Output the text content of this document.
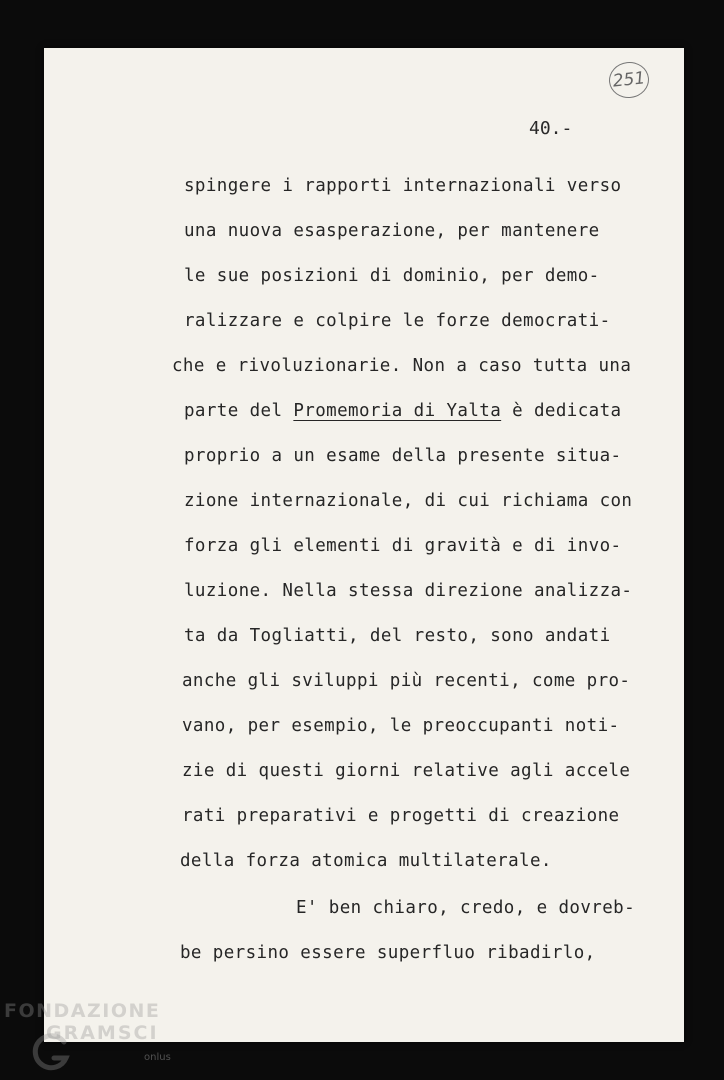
251
40.-
spingere i rapporti internazionali verso
una nuova esasperazione, per mantenere
le sue posizioni di dominio, per demo-
ralizzare e colpire le forze democrati-
che e rivoluzionarie. Non a caso tutta una
parte del Promemoria di Yalta è dedicata
proprio a un esame della presente situa-
zione internazionale, di cui richiama con
forza gli elementi di gravità e di invo-
luzione. Nella stessa direzione analizza-
ta da Togliatti, del resto, sono andati
anche gli sviluppi più recenti, come pro-
vano, per esempio, le preoccupanti noti-
zie di questi giorni relative agli accele
rati preparativi e progetti di creazione
della forza atomica multilaterale.
E' ben chiaro, credo, e dovreb-
be persino essere superfluo ribadirlo,
FONDAZIONE
GRAMSCI
onlus
